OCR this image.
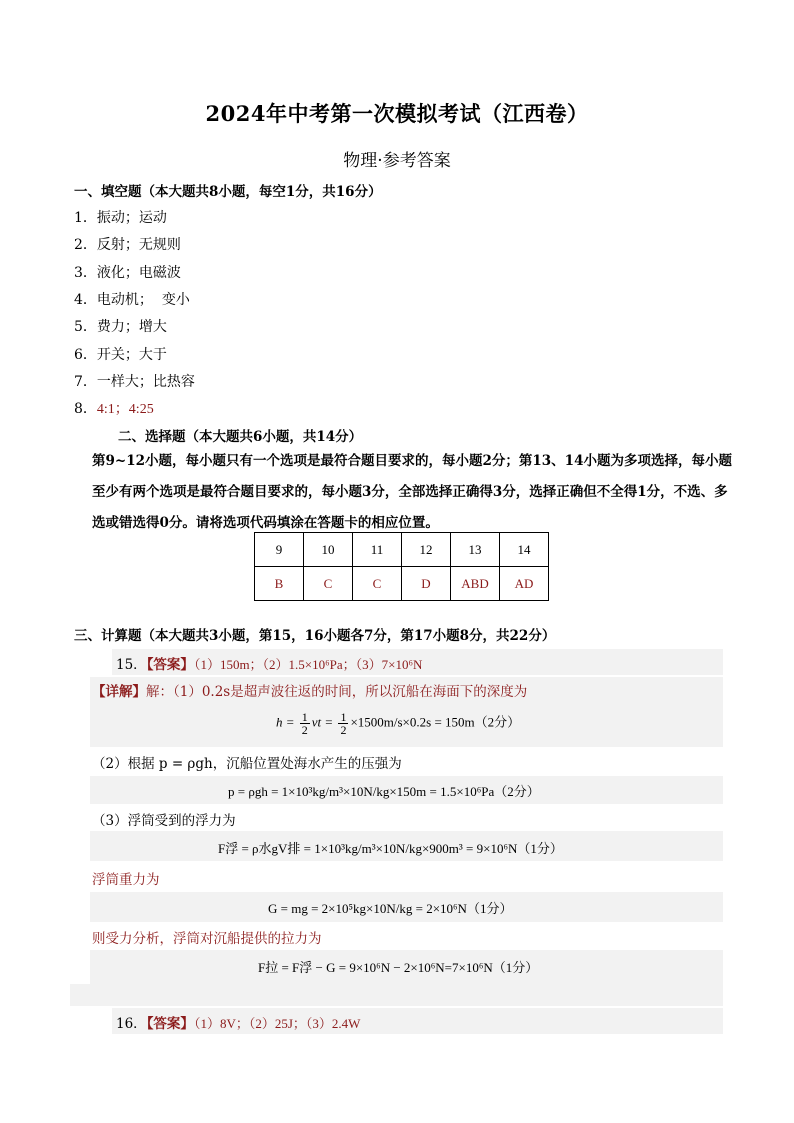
2024年中考第一次模拟考试（江西卷）
物理·参考答案
一、填空题（本大题共8小题，每空1分，共16分）
1．振动；运动
2．反射；无规则
3．液化；电磁波
4．电动机；  变小
5．费力；增大
6．开关；大于
7．一样大；比热容
8．4:1；4:25
二、选择题（本大题共6小题，共14分）
第9~12小题，每小题只有一个选项是最符合题目要求的，每小题2分；第13、14小题为多项选择，每小题至少有两个选项是最符合题目要求的，每小题3分，全部选择正确得3分，选择正确但不全得1分，不选、多选或错选得0分。请将选项代码填涂在答题卡的相应位置。
9	10	11	12	13	14
B	C	C	D	ABD	AD
三、计算题（本大题共3小题，第15，16小题各7分，第17小题8分，共22分）
15．【答案】（1）150m；（2）1.5×10⁶Pa；（3）7×10⁶N
【详解】解：（1）0.2s是超声波往返的时间，所以沉船在海面下的深度为
$h = \frac{1}{2}$ vt = $\frac{1}{2} \times 1500m/s\times 0.2s = 150m(2$分）
（2）根据 p = ρgh，沉船位置处海水产生的压强为
p = ρgh = 1×10³kg/m³×10N/kg×150m = 1.5×10⁶Pa（2分）
（3）浮筒受到的浮力为
F浮 = ρ水gV排 = 1×10³kg/m³×10N/kg×900m³ = 9×10⁶N（1分）
浮筒重力为
G = mg = 2×10⁵kg×10N/kg = 2×10⁶N（1分）
则受力分析，浮筒对沉船提供的拉力为
F拉 = F浮 − G = 9×10⁶N − 2×10⁶N=7×10⁶N（1分）
16．【答案】（1）8V；（2）25J；（3）2.4W
